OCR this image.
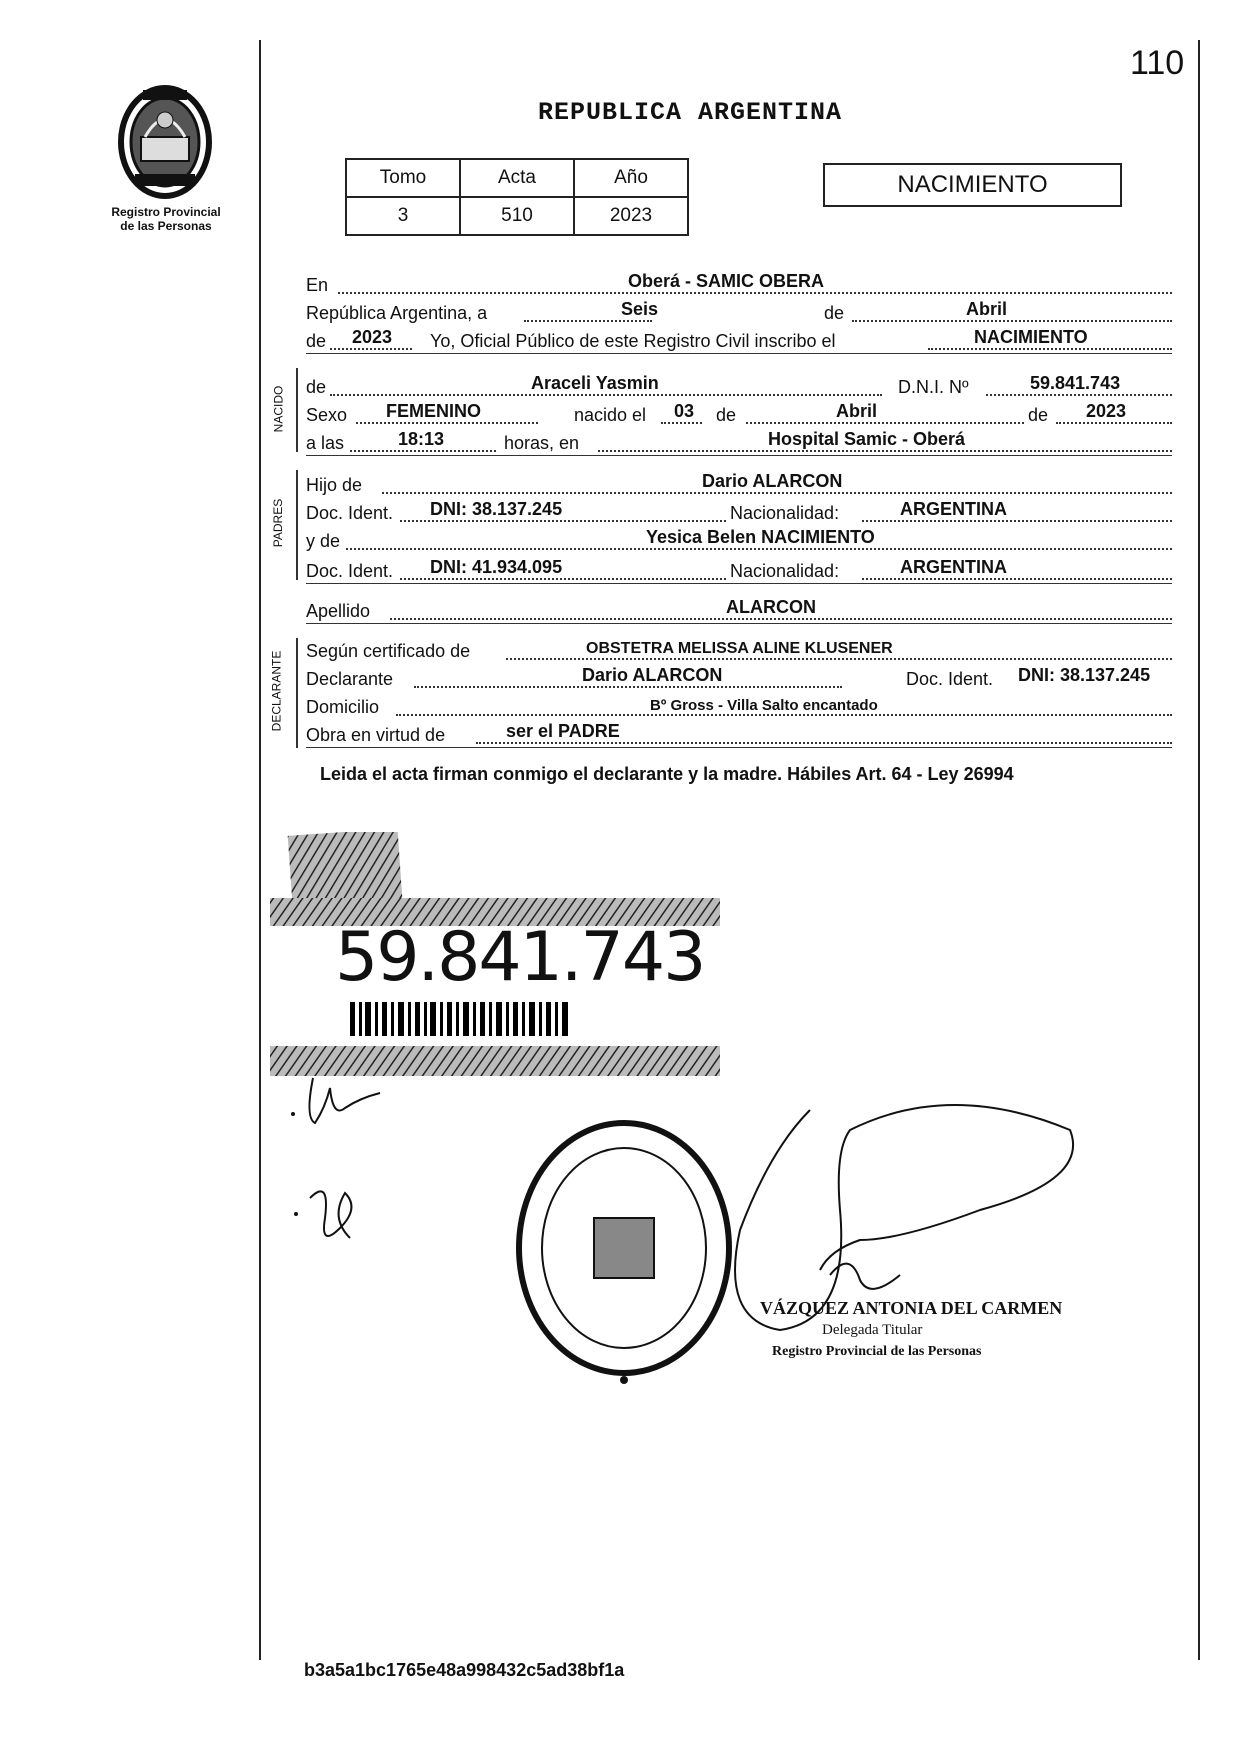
110
Registro Provincial
de las Personas
REPUBLICA ARGENTINA
Tomo	Acta	Año
3	510	2023
NACIMIENTO
En	Oberá - SAMIC OBERA
República Argentina, a	Seis	de	Abril
de 2023 Yo, Oficial Público de este Registro Civil inscribo el	NACIMIENTO
NACIDO de	Araceli Yasmin	D.N.I. Nº	59.841.743
Sexo FEMENINO	nacido el 03 de	Abril	de 2023
a las	18:13	horas, en	Hospital Samic - Oberá
PADRES
Hijo de	Dario ALARCON
Doc. Ident. DNI: 38.137.245	Nacionalidad:	ARGENTINA
y de	Yesica Belen NACIMIENTO
Doc. Ident. DNI: 41.934.095	Nacionalidad:	ARGENTINA
Apellido	ALARCON
DECLARANTE Según certificado de	OBSTETRA MELISSA ALINE KLUSENER
Declarante	Dario ALARCON	Doc. Ident. DNI: 38.137.245
Domicilio	Bº Gross - Villa Salto encantado
Obra en virtud de	ser el PADRE
Leida el acta firman conmigo el declarante y la madre. Hábiles Art. 64 - Ley 26994
59.841.743
VÁZQUEZ ANTONIA DEL CARMEN
Delegada Titular
Registro Provincial de las Personas
b3a5a1bc1765e48a998432c5ad38bf1a
